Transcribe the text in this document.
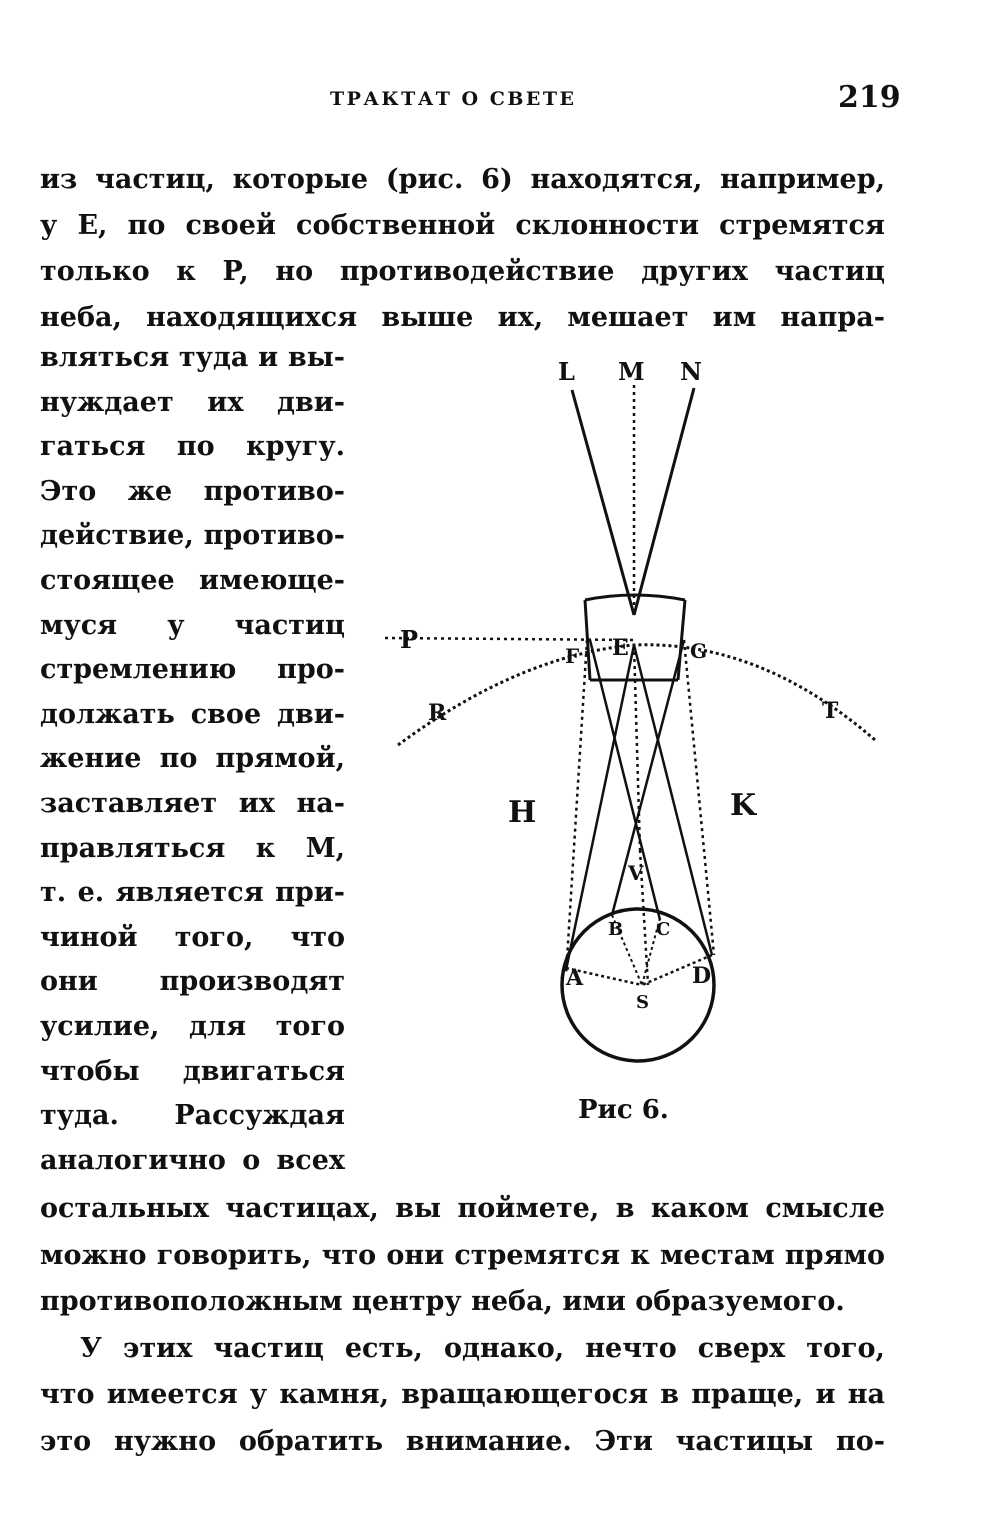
ТРАКТАТ О СВЕТЕ	219
из частиц, которые (рис. 6) находятся, например,
у E, по своей собственной склонности стремятся
только к P, но противодействие других частиц
неба, находящихся выше их, мешает им напра-
вляться туда и вы-
нуждает их дви-
гаться по кругу.
Это же противо-
действие, противо-
стоящее имеюще-
муся у частиц
стремлению про-
должать свое дви-
жение по прямой,
заставляет их на-
правляться к M,
т. е. является при-
чиной того, что
они производят
усилие, для того
чтобы двигаться
туда. Рассуждая
аналогично о всех
остальных частицах, вы поймете, в каком смысле
можно говорить, что они стремятся к местам прямо
противоположным центру неба, ими образуемого.
У этих частиц есть, однако, нечто сверх того,
что имеется у камня, вращающегося в праще, и на
это нужно обратить внимание. Эти частицы по-
L M N
P
F E	G
R	T
H	K
V
B C
A	D
S
Рис 6.
